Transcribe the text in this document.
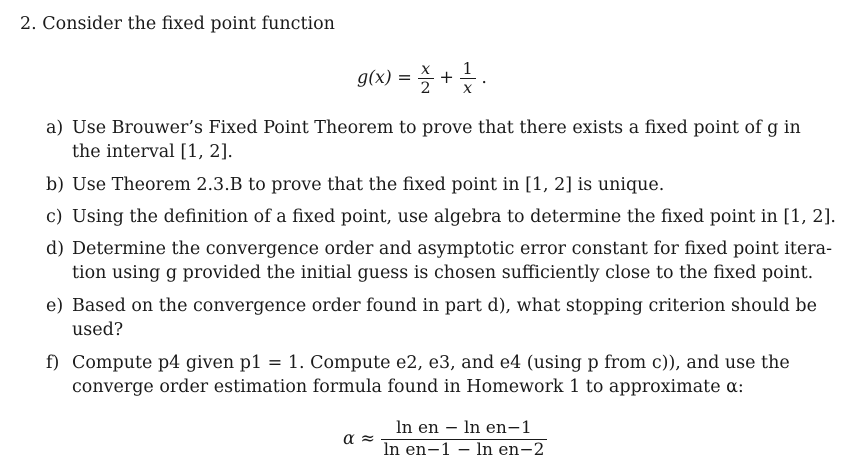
2. Consider the fixed point function
$g(x) = \frac{x}{2} + \frac{1}{x}$ .
a) Use Brouwer’s Fixed Point Theorem to prove that there exists a fixed point of g in
the interval [1, 2].
b) Use Theorem 2.3.B to prove that the fixed point in [1, 2] is unique.
c) Using the definition of a fixed point, use algebra to determine the fixed point in [1, 2].
d) Determine the convergence order and asymptotic error constant for fixed point itera-
tion using g provided the initial guess is chosen sufficiently close to the fixed point.
e) Based on the convergence order found in part d), what stopping criterion should be
used?
f) Compute p4 given p1 = 1. Compute e2, e3, and e4 (using p from c)), and use the
converge order estimation formula found in Homework 1 to approximate α:
$\alpha \approx \frac{\text{ln en − ln en−1}}{\text{ln en−1 − ln en−2}}$
